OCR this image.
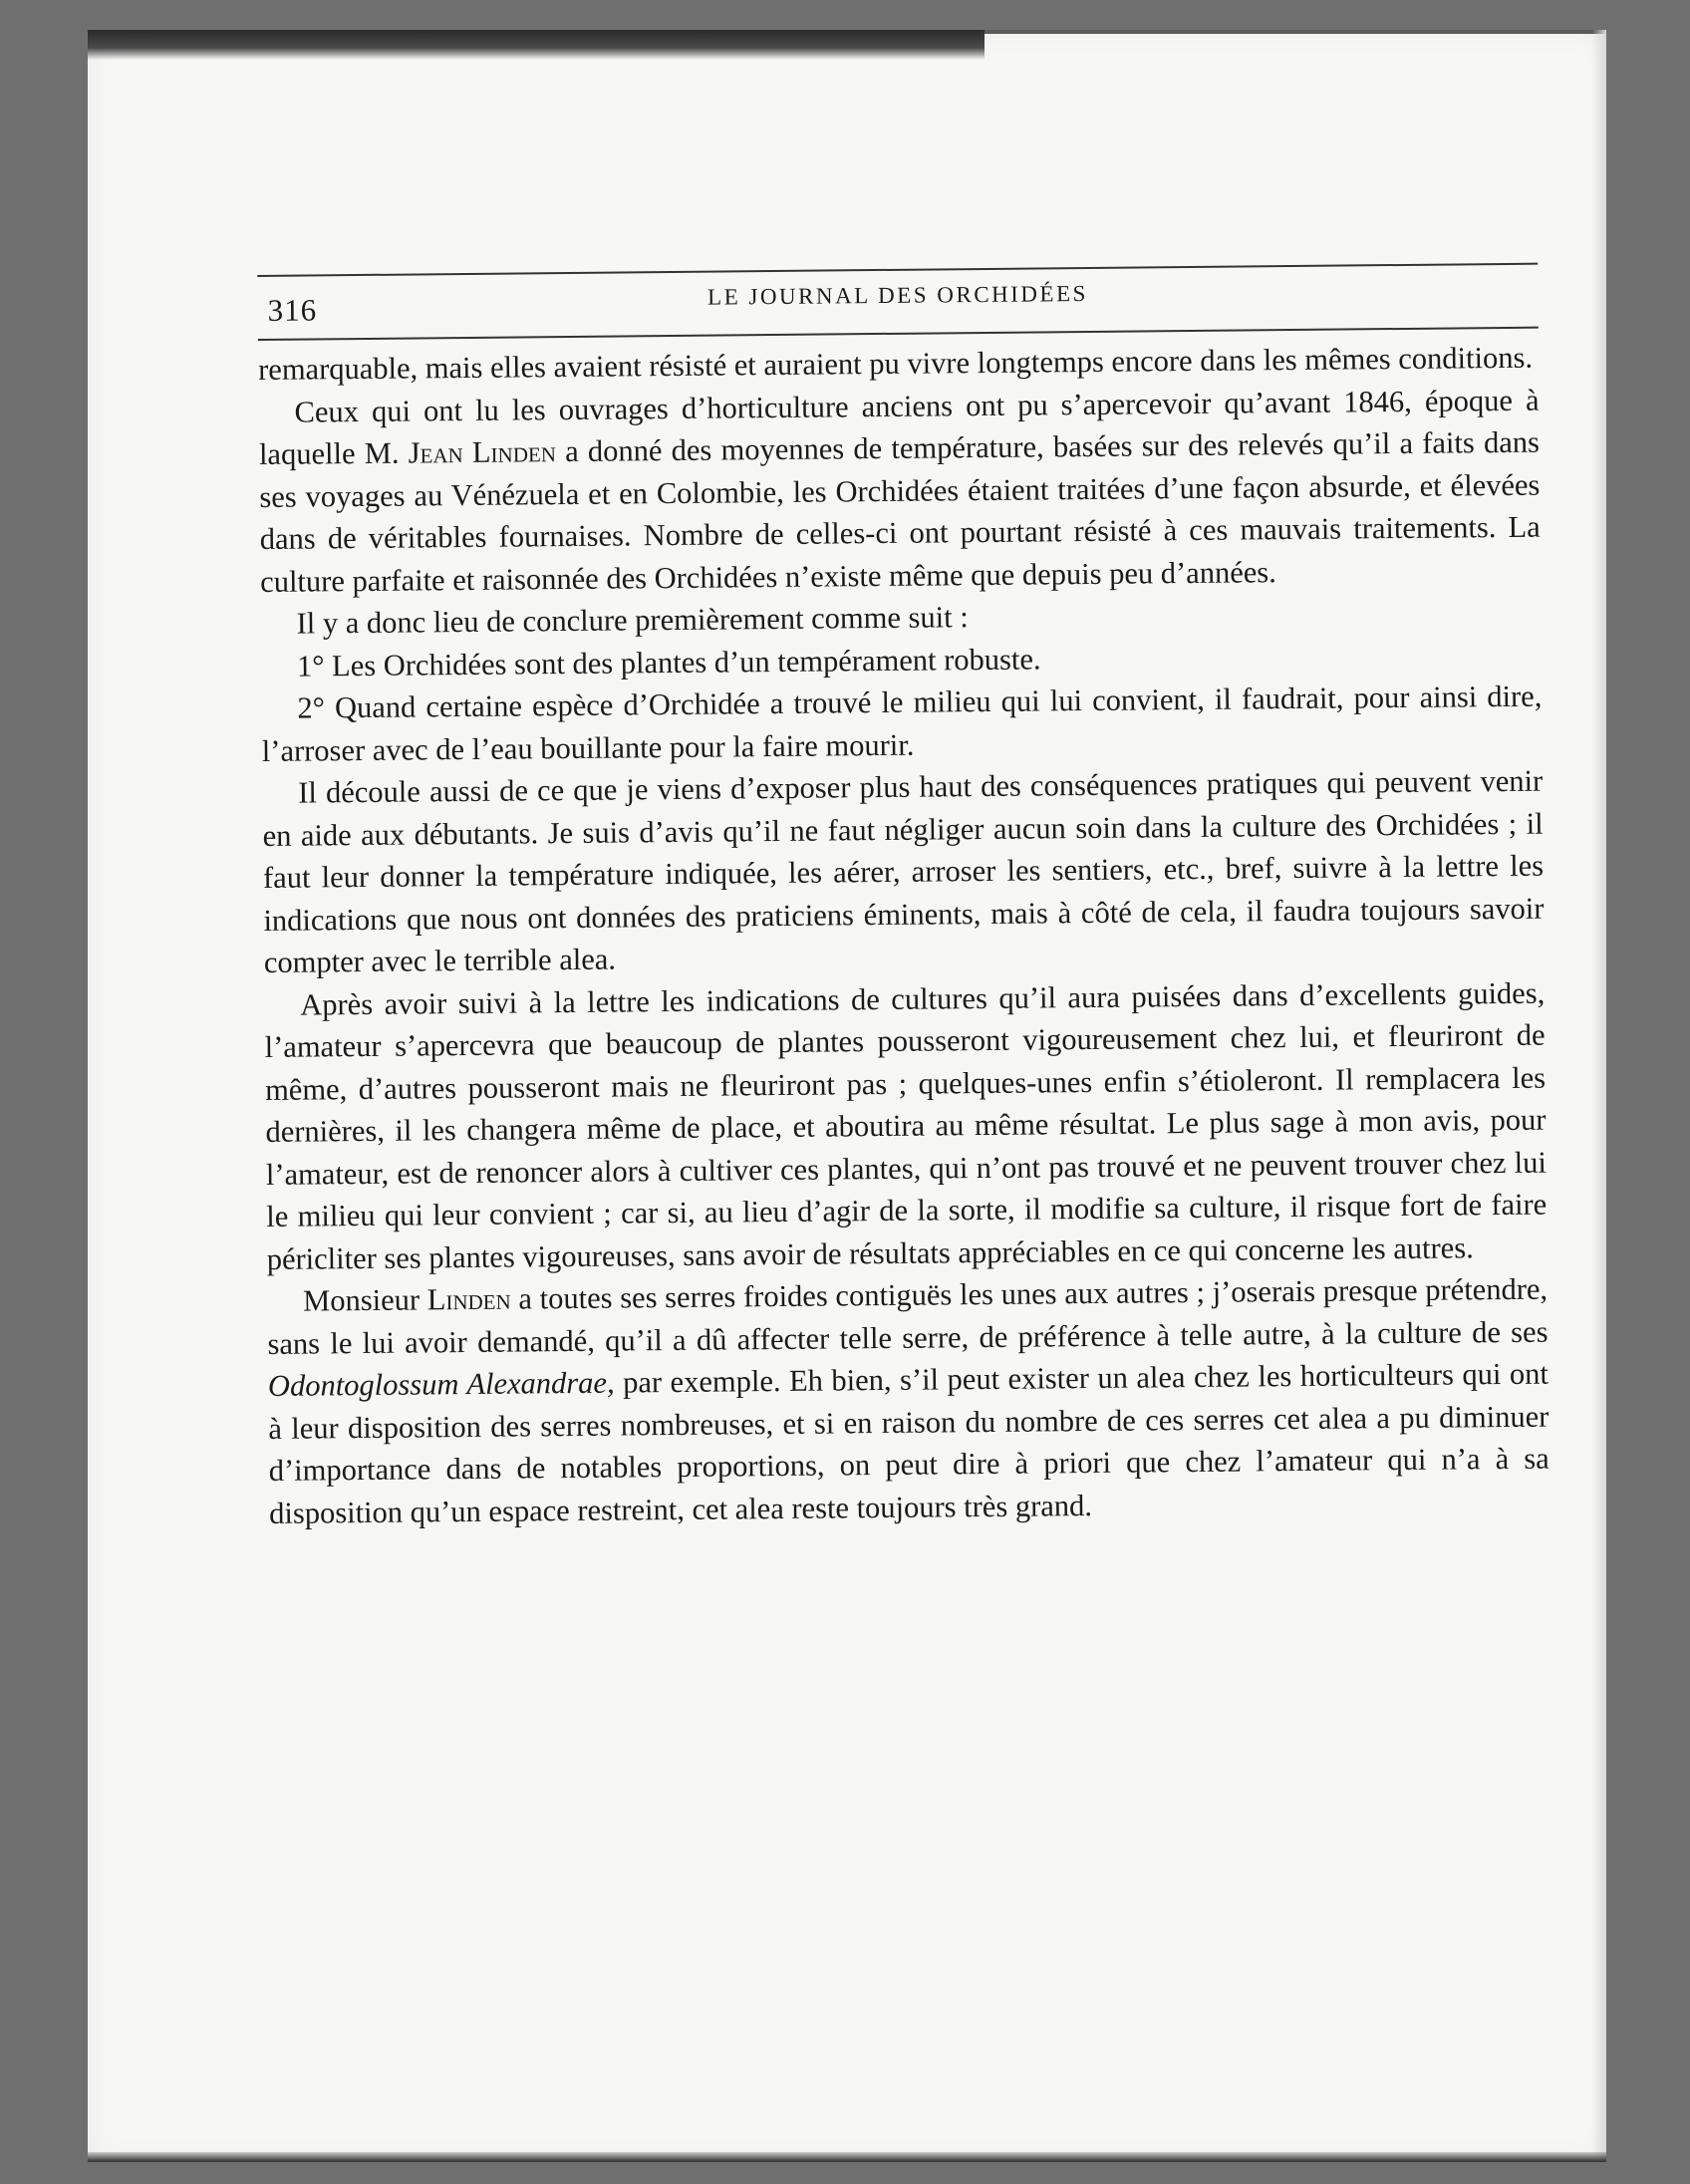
316	LE JOURNAL DES ORCHIDÉES

remarquable, mais elles avaient résisté et auraient pu vivre longtemps encore dans les mêmes conditions.

Ceux qui ont lu les ouvrages d’horticulture anciens ont pu s’apercevoir qu’avant 1846, époque à laquelle M. Jean Linden a donné des moyennes de température, basées sur des relevés qu’il a faits dans ses voyages au Vénézuela et en Colombie, les Orchidées étaient traitées d’une façon absurde, et élevées dans de véritables fournaises. Nombre de celles-ci ont pourtant résisté à ces mauvais traitements. La culture parfaite et raisonnée des Orchidées n’existe même que depuis peu d’années.

Il y a donc lieu de conclure premièrement comme suit :

1° Les Orchidées sont des plantes d’un tempérament robuste.

2° Quand certaine espèce d’Orchidée a trouvé le milieu qui lui convient, il faudrait, pour ainsi dire, l’arroser avec de l’eau bouillante pour la faire mourir.

Il découle aussi de ce que je viens d’exposer plus haut des conséquences pratiques qui peuvent venir en aide aux débutants. Je suis d’avis qu’il ne faut négliger aucun soin dans la culture des Orchidées ; il faut leur donner la température indiquée, les aérer, arroser les sentiers, etc., bref, suivre à la lettre les indications que nous ont données des praticiens éminents, mais à côté de cela, il faudra toujours savoir compter avec le terrible alea.

Après avoir suivi à la lettre les indications de cultures qu’il aura puisées dans d’excellents guides, l’amateur s’apercevra que beaucoup de plantes pousseront vigoureusement chez lui, et fleuriront de même, d’autres pousseront mais ne fleuriront pas ; quelques-unes enfin s’étioleront. Il remplacera les dernières, il les changera même de place, et aboutira au même résultat. Le plus sage à mon avis, pour l’amateur, est de renoncer alors à cultiver ces plantes, qui n’ont pas trouvé et ne peuvent trouver chez lui le milieu qui leur convient ; car si, au lieu d’agir de la sorte, il modifie sa culture, il risque fort de faire péricliter ses plantes vigoureuses, sans avoir de résultats appréciables en ce qui concerne les autres.

Monsieur Linden a toutes ses serres froides contiguës les unes aux autres ; j’oserais presque prétendre, sans le lui avoir demandé, qu’il a dû affecter telle serre, de préférence à telle autre, à la culture de ses Odontoglossum Alexandrae, par exemple. Eh bien, s’il peut exister un alea chez les horticulteurs qui ont à leur disposition des serres nombreuses, et si en raison du nombre de ces serres cet alea a pu diminuer d’importance dans de notables proportions, on peut dire à priori que chez l’amateur qui n’a à sa disposition qu’un espace restreint, cet alea reste toujours très grand.
